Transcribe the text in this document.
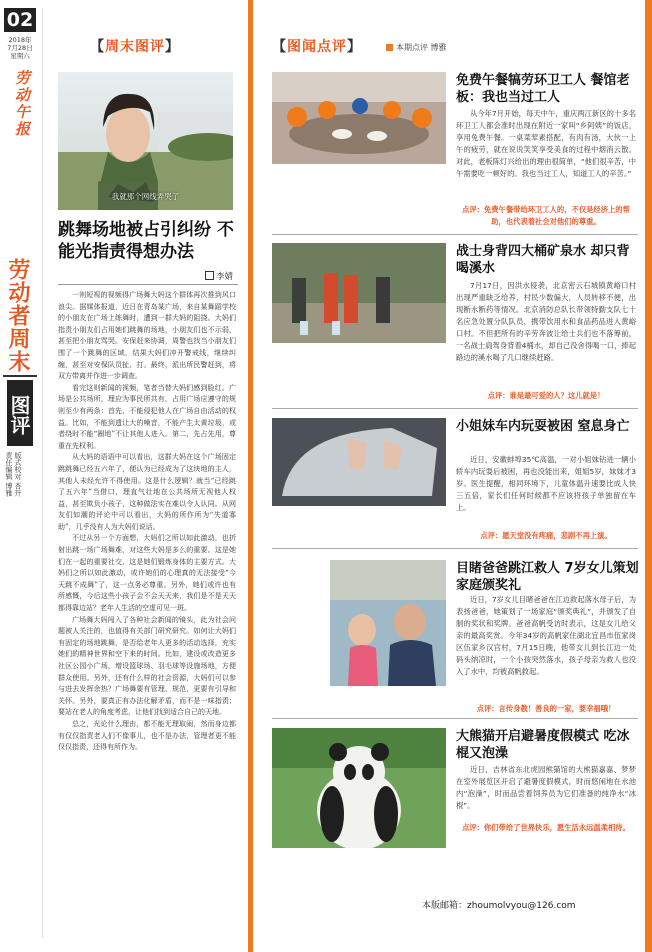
02
2018年
7月28日
星期六
劳动午报
劳动者周末
图评
版式校对 杏开
责任编辑 博雅
【周末图评】
我就那个网线弄哭了
跳舞场地被占引纠纷 不能光指责得想办法
李婧

一则短视的视频得广场舞大妈这个群体再次推到风口浪尖。据媒体报道，近日在青岛某广场，来自某舞蹈学校的小朋友在广场上练舞时，遭到一群大妈的阻挠。大妈们指责小朋友们占用她们跳舞的场地，小朋友们也不示弱，甚至把小朋友骂哭。安保赶来协调，周警也找当小朋友们围了一个跳舞的区域，结果大妈们冲开警戒线，继续纠缠，甚至对安保队员扯、打。最终，派出所民警赶到，将双方带离并作进一步调查。

看完这则新闻的视频，笔者当替大妈们感到脸红。广场是公共场所，理应为事民所共有，占用广场应遵守的规则至少有两条：首先，不能侵犯他人在广场自由活动的权益。比如，不能到遗让大的噪音，不能产生太黄垃圾，或者绕时不能“圈地”不让其他人进入。第二，先占先用，尊重在先权利。

从大妈的语语中可以看出，这群大妈在这个广场固定跳跳舞已经五六年了，便认为已经成为了这块地的主人，其他人未经允许不得使用。这是什么逻辑？就当“已经跳了五六年”当借口，理直气壮地在公共场所无视他人权益，甚至欺负小孩子，这种做法实在难以令人认同。从网友们如潮的评论中可以看出，大妈的所作所为“失道寡助”，几乎没有人为大妈们说话。

不过从另一个方面想，大妈们之所以如此激动，也折射出跳一场广场舞难，对这些大妈是多么的重要。这是她们在一起的重要社交，这是她们锻炼身体的主要方式。大妈们之所以如此激动，或许她们的心理真的无法接受“今天跳不成舞”了，这一点务必尊重。另外，她们或许也有所感慨，今后这些小孩子会不会天天来，我们是不是天天都得靠边站？老年人生活的空虚可见一斑。

广场舞大妈闯入了各种社会新闻的镜头，此为社会问题被人关注的，也值得有关部门研究研究。如何让大妈们有固定的场地跳舞，是否给老年人更多的活动选择，充实她们的精神世界和空下来的时间。比如，建设或改造更多社区公园小广场，增设篮球场、羽毛球等设施场地，方便群众使用。另外，还有什么样的社会资源，大妈们可以参与进去发挥余热？广场舞要有管理、规范，更要有引导和关怀。另外，要真正有办法化解矛盾，而不是一味指责；要站在老人的角度考虑，让他们找到适合自己的天地。

总之，光论什么理由，都不能无理取闹，然而身边都有仅仅指责老人们不像事儿，也不是办法，管理者更不能仅仅指责，还得有所作为。

【图闻点评】	本期点评 博雅
免费午餐犒劳环卫工人 餐馆老板：我也当过工人
从今年7月开始，每天中午，重庆两江新区的十多名环卫工人都会准时出现在附近一家叫“乡阿姨”的饭店，享用免费午餐。一桌菜荤素搭配，有肉有汤，大伙一上午的疲劳，就在说说笑笑享受美食的过程中烟消云散。对此，老板陈灯兴给出的理由很简单，“他们很辛苦，中午需要吃一顿好的。我也当过工人，知道工人的辛苦。”
点评：免费午餐带给环卫工人的，不仅是经济上的帮助，也代表着社会对他们的尊重。
战士身背四大桶矿泉水 却只背喝溪水
7月17日，因洪水侵袭，北京密云石城镇黄峪口村出现严重缺乏给养，村民少数偏大，人员转移不便，出现断水断药等情况。北京消防总队长带领特勤支队七十名应急处置分队队员，携带饮用水和食品药品进入黄峪口村。不但把所有的辛劳奔波让给士兵们也不落筹前，一名战士扃驾身背着4桶水，却自己没舍得喝一口，捧起路边的溪水喝了几口继续赶路。
点评：谁是最可爱的人？这儿就是！
小姐妹车内玩耍被困 窒息身亡
近日，安徽蚌埠35℃高温，一对小姐妹钻进一辆小轿车内玩耍后被困，再也没能出来，姐姐5岁，妹妹才3岁。医生提醒，相同环境下，儿童体温升速要比成人快三五倍，家长们任何时候都不应该将孩子单独留在车上。
点评：愿天堂没有疼痛，悲剧不再上演。
目睹爸爸跳江救人 7岁女儿策划家庭颁奖礼
近日，7岁女儿目睹爸爸在江边救起落水母子后，为表扬爸爸，她策划了一场家庭“颁奖典礼”，并颁发了自制的奖状和奖牌。爸爸高帆受访时表示，这是女儿给父亲的最高奖赏。今年34岁的高帆家住湖北宜昌市伍家岗区伍家乡汉宫村，7月15日晚，他带女儿到长江边一处码头纳凉时，一个小孩突然落水，孩子母亲为救人也没入了水中，均被高帆救起。
点评：言传身教！善良的一家，要幸福哦！
大熊猫开启避暑度假模式 吃冰棍又泡澡
近日，吉林省东北虎园熊猫馆的大熊猫嘉嘉、梦梦在室外展览区开启了避暑度假模式，时而悠闲地在水池内“泡澡”，时而品尝着饲养员为它们准备的纯净水“冰棍”。
点评：你们带给了世界快乐，愿生活永远温柔相待。
本版邮箱：zhoumolvyou@126.com
